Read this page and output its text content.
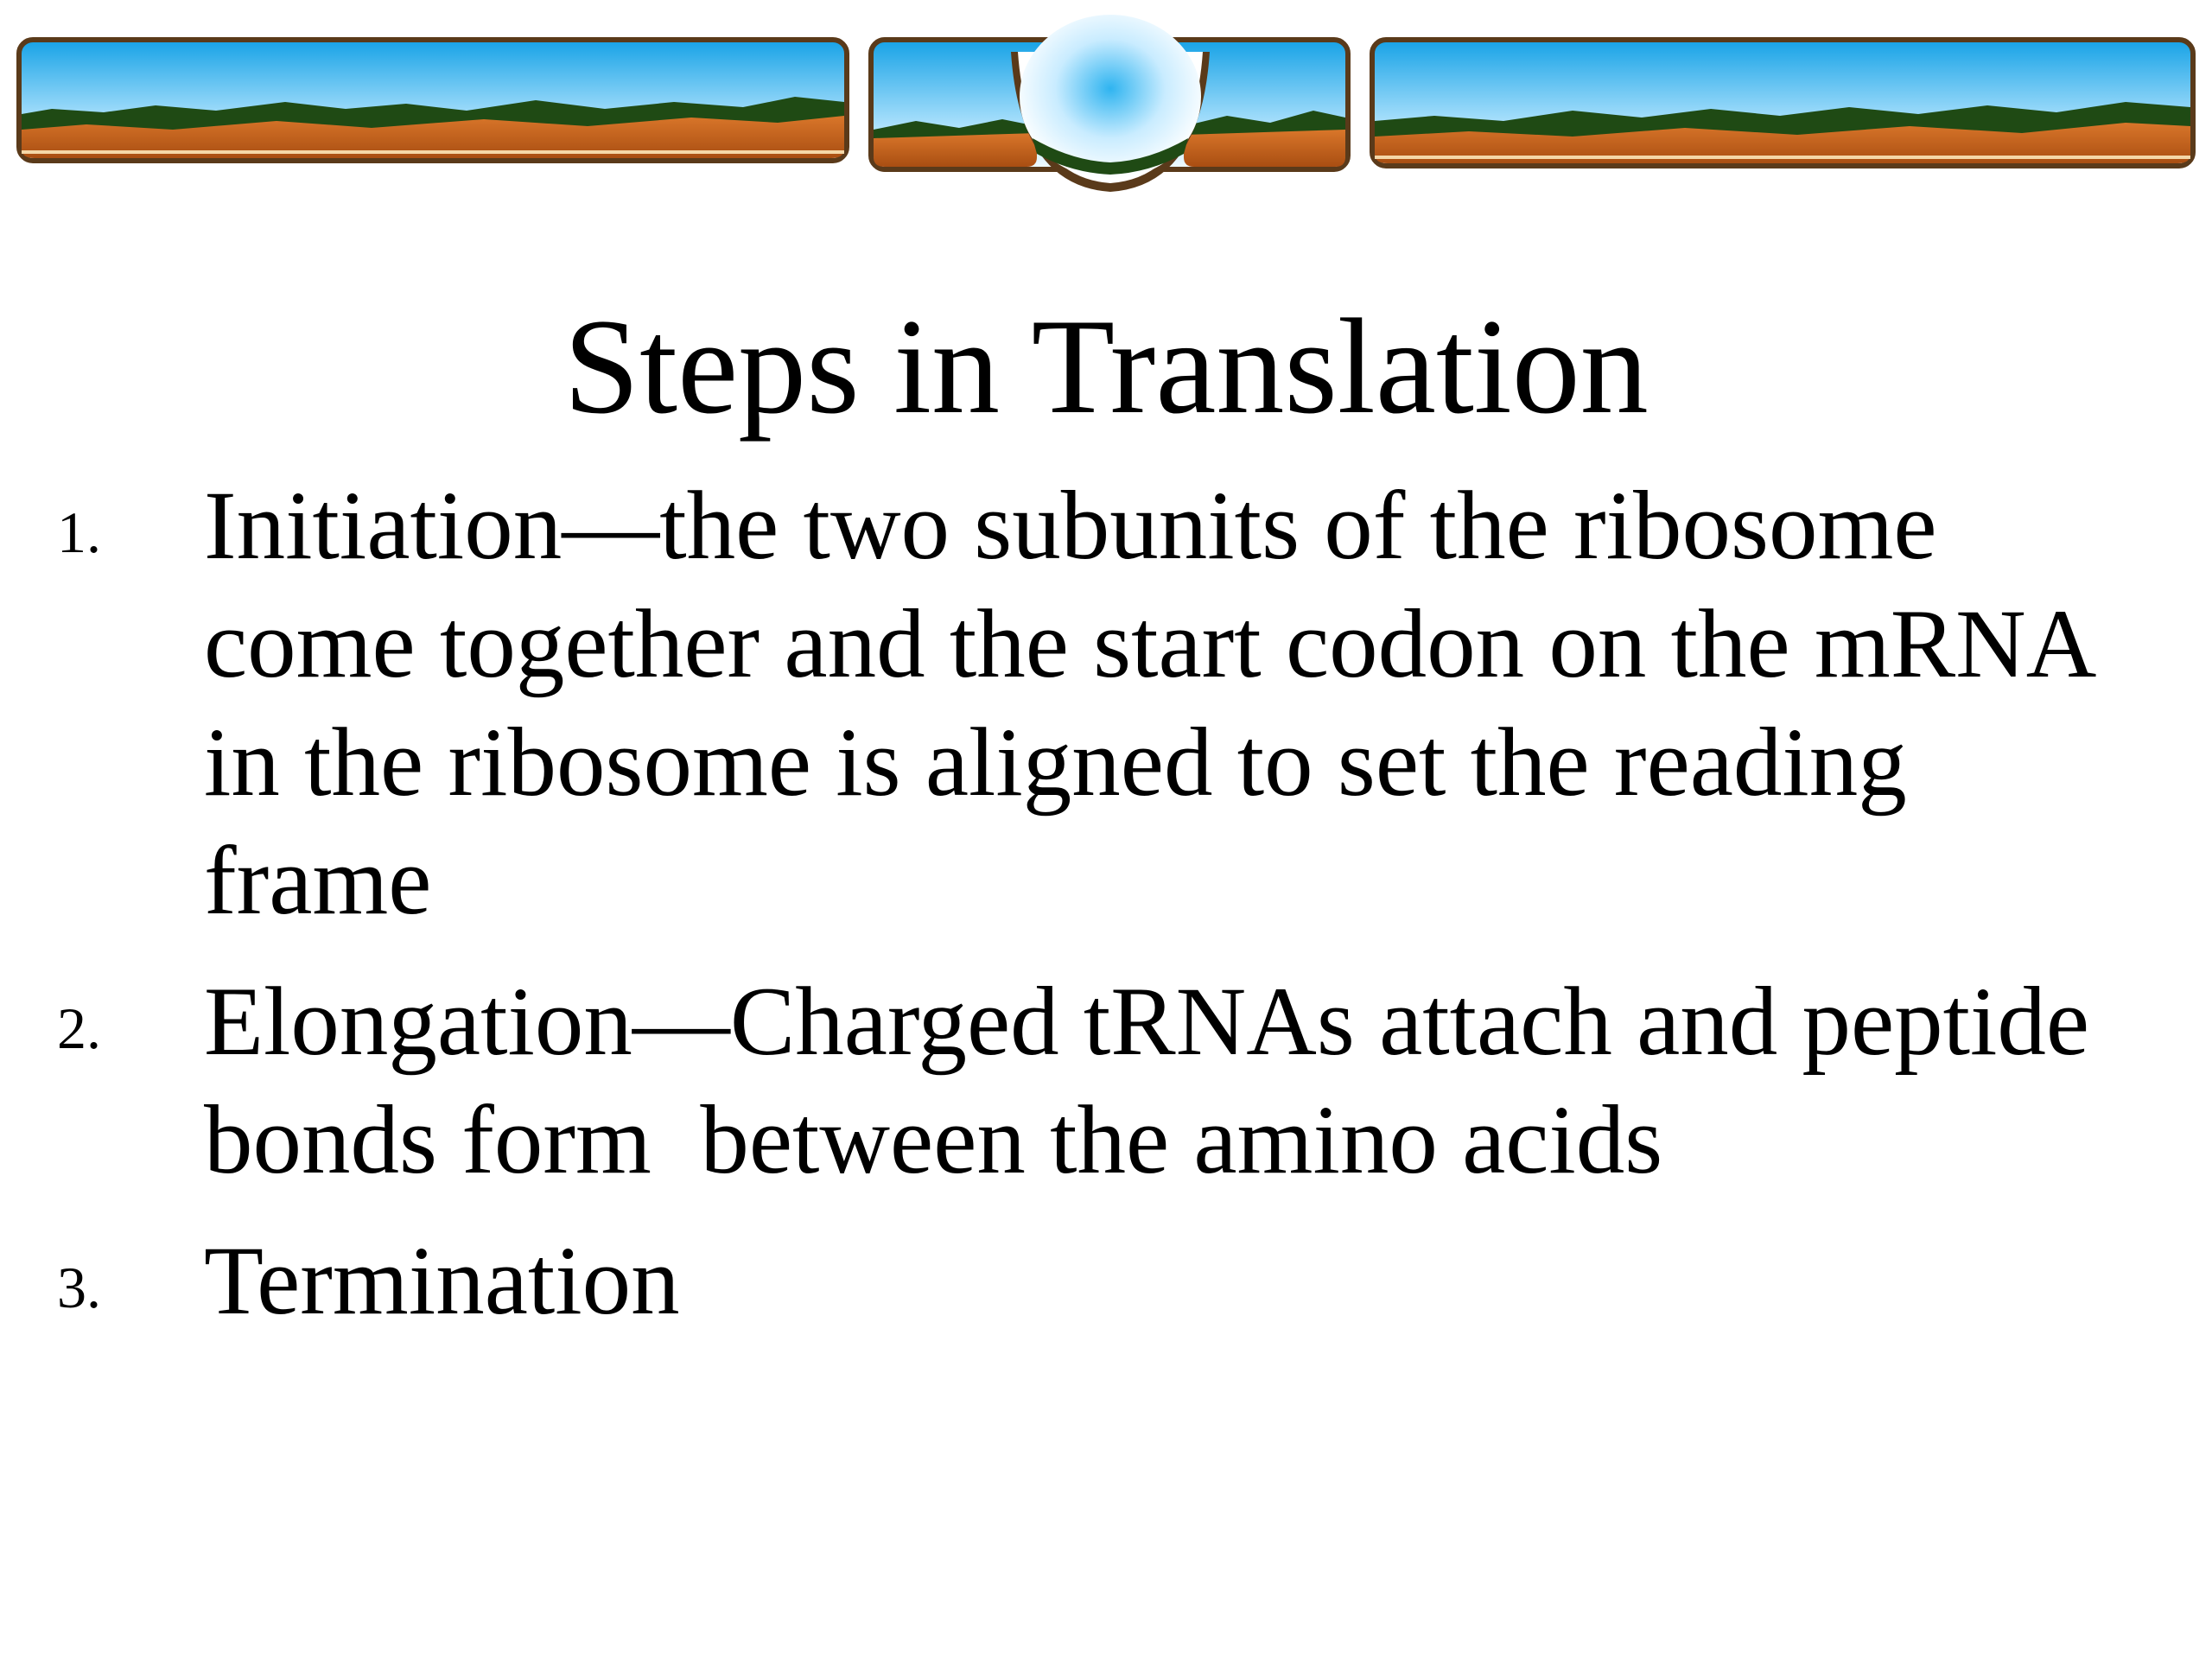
Steps in Translation
1. Initiation—the two subunits of the ribosome come together and the start codon on the mRNA in the ribosome is aligned to set the reading frame
2. Elongation—Charged tRNAs attach and peptide bonds form  between the amino acids
3. Termination
